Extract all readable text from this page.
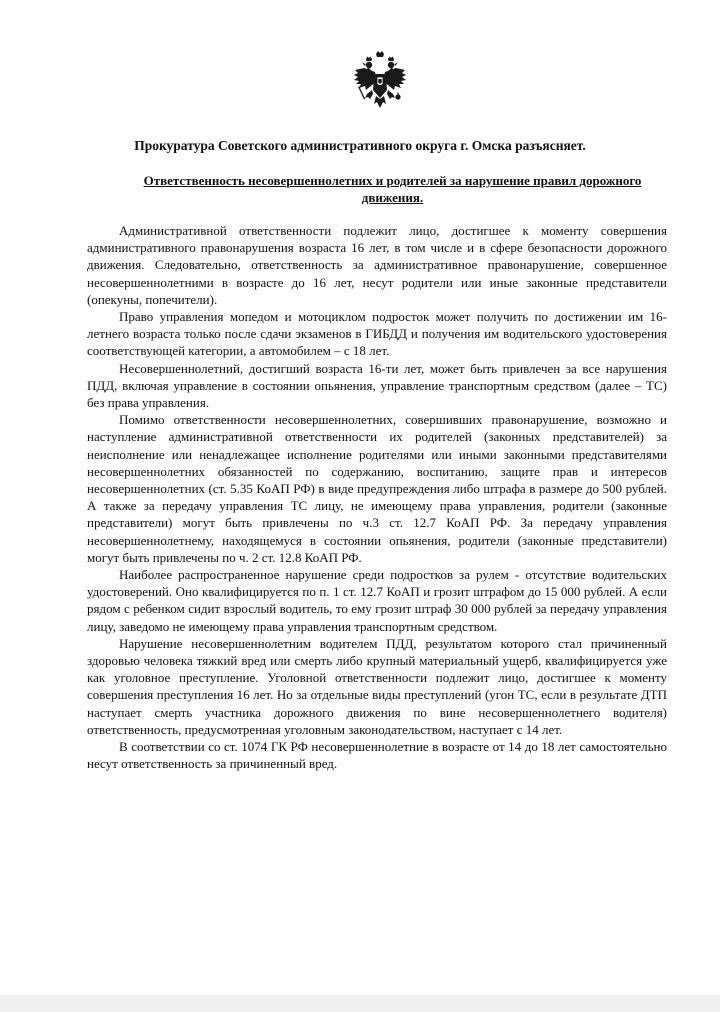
Прокуратура Советского административного округа г. Омска разъясняет.
Ответственность несовершеннолетних и родителей за нарушение правил дорожного движения.

Административной ответственности подлежит лицо, достигшее к моменту совершения административного правонарушения возраста 16 лет, в том числе и в сфере безопасности дорожного движения. Следовательно, ответственность за административное правонарушение, совершенное несовершеннолетними в возрасте до 16 лет, несут родители или иные законные представители (опекуны, попечители).

Право управления мопедом и мотоциклом подросток может получить по достижении им 16-летнего возраста только после сдачи экзаменов в ГИБДД и получения им водительского удостоверения соответствующей категории, а автомобилем – с 18 лет.

Несовершеннолетний, достигший возраста 16-ти лет, может быть привлечен за все нарушения ПДД, включая управление в состоянии опьянения, управление транспортным средством (далее – ТС) без права управления.

Помимо ответственности несовершеннолетних, совершивших правонарушение, возможно и наступление административной ответственности их родителей (законных представителей) за неисполнение или ненадлежащее исполнение родителями или иными законными представителями несовершеннолетних обязанностей по содержанию, воспитанию, защите прав и интересов несовершеннолетних (ст. 5.35 КоАП РФ) в виде предупреждения либо штрафа в размере до 500 рублей. А также за передачу управления ТС лицу, не имеющему права управления, родители (законные представители) могут быть привлечены по ч.3 ст. 12.7 КоАП РФ. За передачу управления несовершеннолетнему, находящемуся в состоянии опьянения, родители (законные представители) могут быть привлечены по ч. 2 ст. 12.8 КоАП РФ.

Наиболее распространенное нарушение среди подростков за рулем - отсутствие водительских удостоверений. Оно квалифицируется по п. 1 ст. 12.7 КоАП и грозит штрафом до 15 000 рублей. А если рядом с ребенком сидит взрослый водитель, то ему грозит штраф 30 000 рублей за передачу управления лицу, заведомо не имеющему права управления транспортным средством.

Нарушение несовершеннолетним водителем ПДД, результатом которого стал причиненный здоровью человека тяжкий вред или смерть либо крупный материальный ущерб, квалифицируется уже как уголовное преступление. Уголовной ответственности подлежит лицо, достигшее к моменту совершения преступления 16 лет. Но за отдельные виды преступлений (угон ТС, если в результате ДТП наступает смерть участника дорожного движения по вине несовершеннолетнего водителя) ответственность, предусмотренная уголовным законодательством, наступает с 14 лет.

В соответствии со ст. 1074 ГК РФ несовершеннолетние в возрасте от 14 до 18 лет самостоятельно несут ответственность за причиненный вред.
